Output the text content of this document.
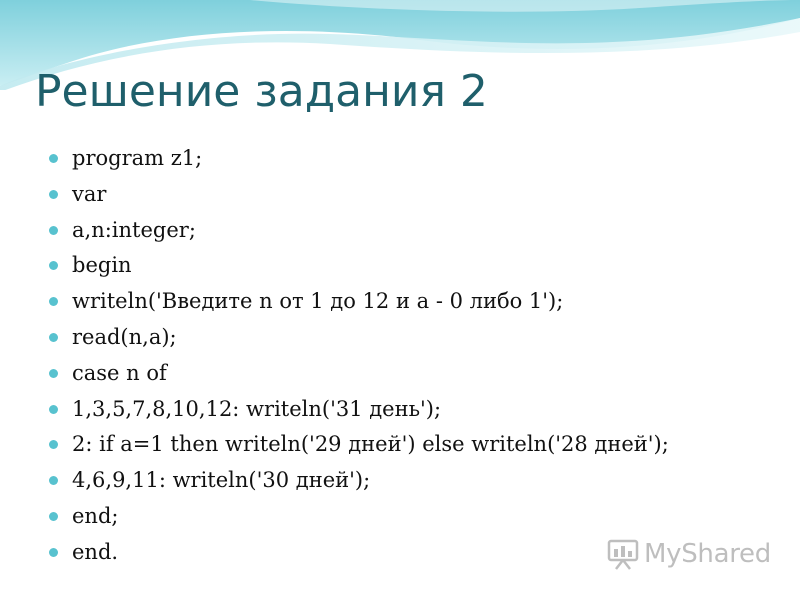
Решение задания 2
program z1;
var
a,n:integer;
begin
writeln('Введите n от 1 до 12 и a - 0 либо 1');
read(n,a);
case n of
1,3,5,7,8,10,12: writeln('31 день');
2: if a=1 then writeln('29 дней') else writeln('28 дней');
4,6,9,11: writeln('30 дней');
end;
end.	MyShared
